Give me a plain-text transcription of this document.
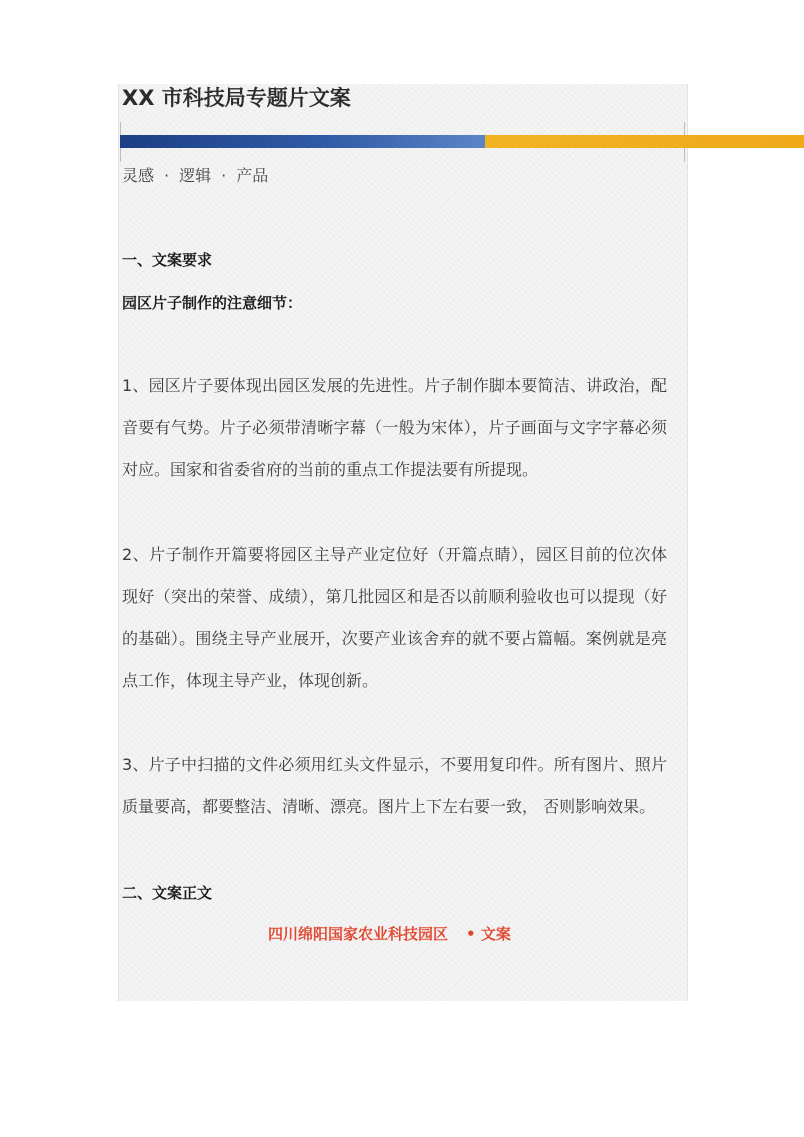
XX 市科技局专题片文案
灵感 · 逻辑 · 产品
一、文案要求
园区片子制作的注意细节：
1、园区片子要体现出园区发展的先进性。片子制作脚本要简洁、讲政治，配音要有气势。片子必须带清晰字幕（一般为宋体），片子画面与文字字幕必须对应。国家和省委省府的当前的重点工作提法要有所提现。
2、片子制作开篇要将园区主导产业定位好（开篇点睛），园区目前的位次体现好（突出的荣誉、成绩），第几批园区和是否以前顺利验收也可以提现（好的基础）。围绕主导产业展开，次要产业该舍弃的就不要占篇幅。案例就是亮点工作，体现主导产业，体现创新。
3、片子中扫描的文件必须用红头文件显示，不要用复印件。所有图片、照片质量要高，都要整洁、清晰、漂亮。图片上下左右要一致， 否则影响效果。
二、文案正文
四川绵阳国家农业科技园区 • 文案
